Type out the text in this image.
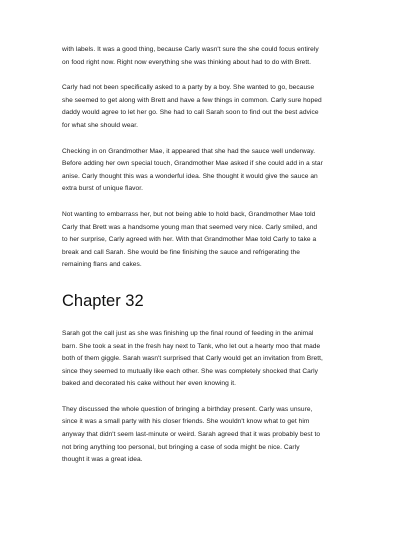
with labels. It was a good thing, because Carly wasn't sure the she could focus entirely
on food right now. Right now everything she was thinking about had to do with Brett.

Carly had not been specifically asked to a party by a boy. She wanted to go, because
she seemed to get along with Brett and have a few things in common. Carly sure hoped
daddy would agree to let her go. She had to call Sarah soon to find out the best advice
for what she should wear.

Checking in on Grandmother Mae, it appeared that she had the sauce well underway.
Before adding her own special touch, Grandmother Mae asked if she could add in a star
anise. Carly thought this was a wonderful idea. She thought it would give the sauce an
extra burst of unique flavor.

Not wanting to embarrass her, but not being able to hold back, Grandmother Mae told
Carly that Brett was a handsome young man that seemed very nice. Carly smiled, and
to her surprise, Carly agreed with her. With that Grandmother Mae told Carly to take a
break and call Sarah. She would be fine finishing the sauce and refrigerating the
remaining flans and cakes.

Chapter 32

Sarah got the call just as she was finishing up the final round of feeding in the animal
barn. She took a seat in the fresh hay next to Tank, who let out a hearty moo that made
both of them giggle. Sarah wasn't surprised that Carly would get an invitation from Brett,
since they seemed to mutually like each other. She was completely shocked that Carly
baked and decorated his cake without her even knowing it.

They discussed the whole question of bringing a birthday present. Carly was unsure,
since it was a small party with his closer friends. She wouldn't know what to get him
anyway that didn't seem last-minute or weird. Sarah agreed that it was probably best to
not bring anything too personal, but bringing a case of soda might be nice. Carly
thought it was a great idea.
